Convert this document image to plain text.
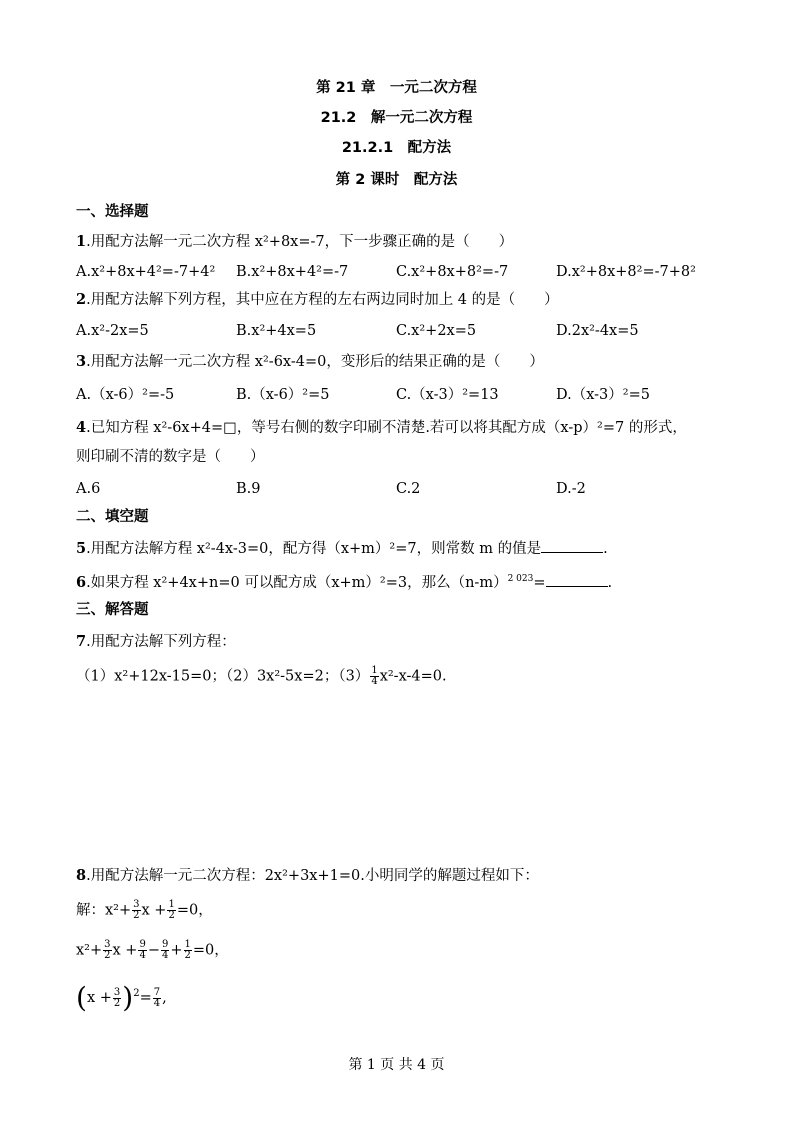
第 21 章　一元二次方程
21.2　解一元二次方程
21.2.1　配方法
第 2 课时　配方法
一、选择题
1.用配方法解一元二次方程 x²+8x=-7，下一步骤正确的是（　　）
A.x²+8x+4²=-7+4² B.x²+8x+4²=-7	C.x²+8x+8²=-7	D.x²+8x+8²=-7+8²
2.用配方法解下列方程，其中应在方程的左右两边同时加上 4 的是（　　）
A.x²-2x=5	B.x²+4x=5	C.x²+2x=5	D.2x²-4x=5
3.用配方法解一元二次方程 x²-6x-4=0，变形后的结果正确的是（　　）
A.（x-6）²=-5	B.（x-6）²=5	C.（x-3）²=13	D.（x-3）²=5
4.已知方程 x²-6x+4=□，等号右侧的数字印刷不清楚.若可以将其配方成（x-p）²=7 的形式，
则印刷不清的数字是（　　）
A.6	B.9	C.2	D.-2
二、填空题
5.用配方法解方程 x²-4x-3=0，配方得（x+m）²=7，则常数 m 的值是	.
6.如果方程 x²+4x+n=0 可以配方成（x+m）²=3，那么$(n-m)^{2 023}=$	.
三、解答题
7.用配方法解下列方程：
（1）x²+12x-15=0；（2）3x²-5x=2；$(3) \frac{1}{4} x^2-x-4=0$.
8.用配方法解一元二次方程：2x²+3x+1=0.小明同学的解题过程如下：
解：$x^2+ \frac{3}{2}$ $x + \frac{1}{2} =0$，
$x^2+ \frac{3}{2}$ $x + \frac{9}{4} - \frac{9}{4} + \frac{1}{2} =0$，
$(x + \frac{3}{2} )^2= \frac{7}{4}$ ,
第 1 页 共 4 页
